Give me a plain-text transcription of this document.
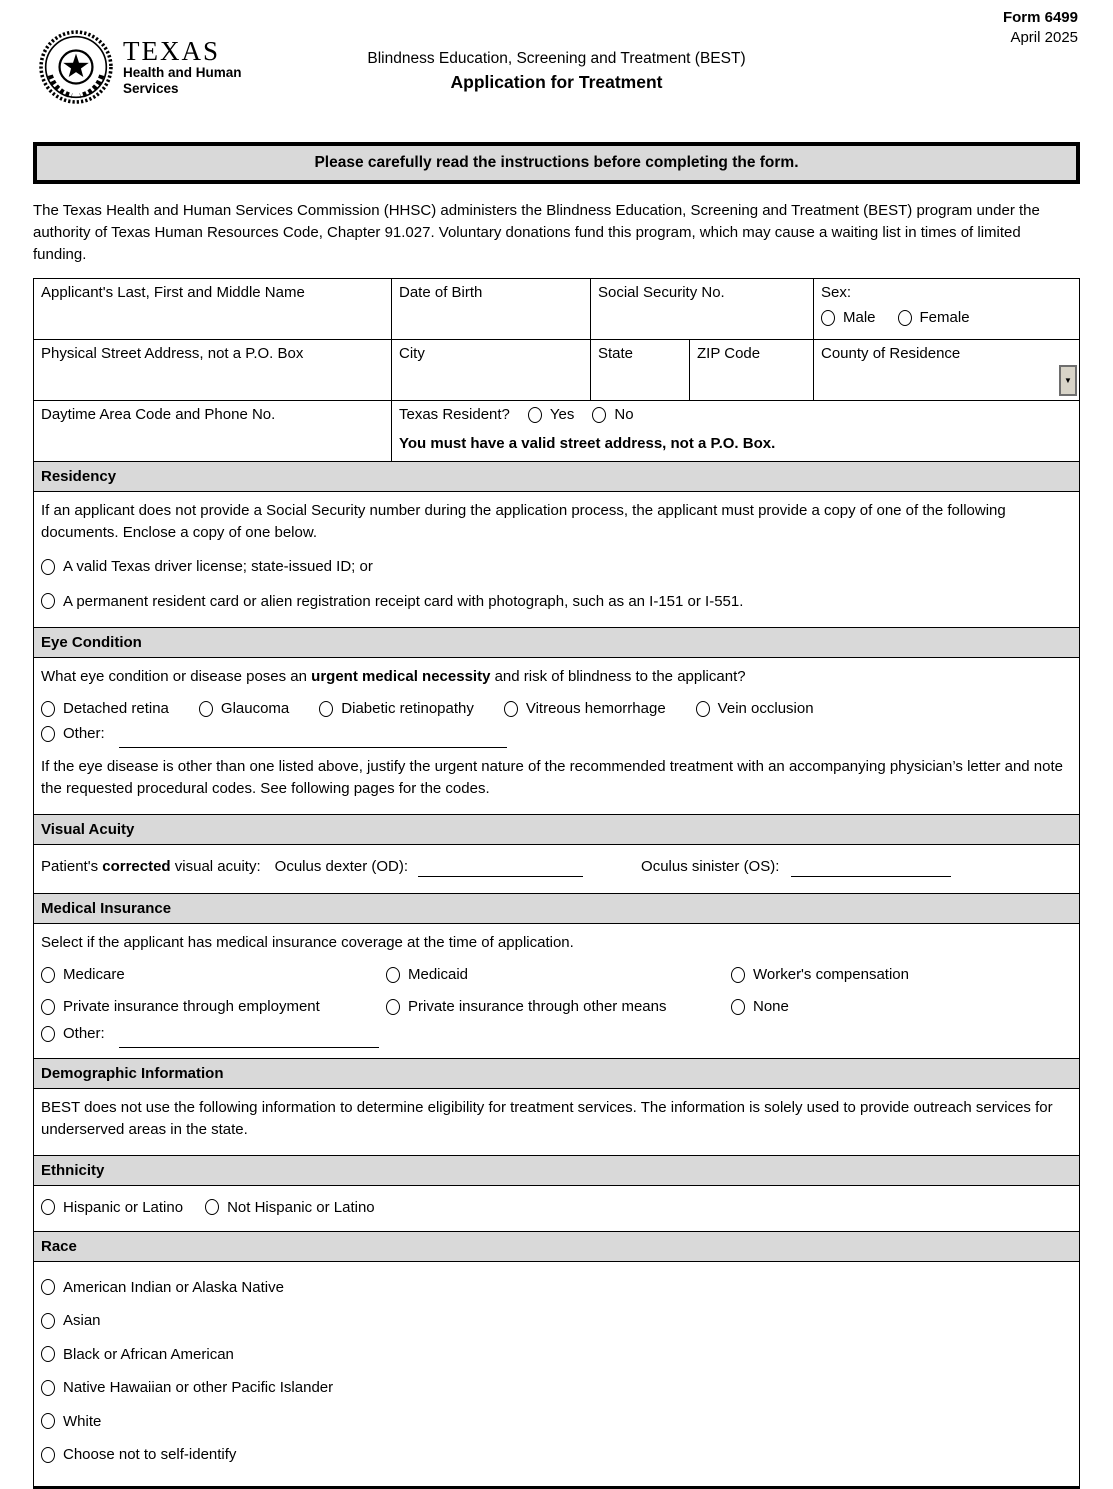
TEXAS
Health and Human
Services
Blindness Education, Screening and Treatment (BEST)
Application for Treatment
Form 6499
April 2025
Please carefully read the instructions before completing the form.

The Texas Health and Human Services Commission (HHSC) administers the Blindness Education, Screening and Treatment (BEST) program under the authority of Texas Human Resources Code, Chapter 91.027. Voluntary donations fund this program, which may cause a waiting list in times of limited funding.

Applicant's Last, First and Middle Name	Date of Birth	Social Security No.	Sex:
Male	Female
Physical Street Address, not a P.O. Box	City	State	ZIP Code	County of Residence
▼
Daytime Area Code and Phone No.	Texas Resident?	Yes	No
You must have a valid street address, not a P.O. Box.
Residency

If an applicant does not provide a Social Security number during the application process, the applicant must provide a copy of one of the following documents. Enclose a copy of one below.

A valid Texas driver license; state-issued ID; or
A permanent resident card or alien registration receipt card with photograph, such as an I-151 or I-551.
Eye Condition

What eye condition or disease poses an urgent medical necessity and risk of blindness to the applicant?

Detached retina	Glaucoma	Diabetic retinopathy	Vitreous hemorrhage	Vein occlusion
Other:

If the eye disease is other than one listed above, justify the urgent nature of the recommended treatment with an accompanying physician’s letter and note the requested procedural codes. See following pages for the codes.

Visual Acuity
Patient's corrected visual acuity: Oculus dexter (OD):	Oculus sinister (OS):
Medical Insurance

Select if the applicant has medical insurance coverage at the time of application.

Medicare	Medicaid	Worker's compensation
Private insurance through employment	Private insurance through other means	None
Other:

Demographic Information

BEST does not use the following information to determine eligibility for treatment services. The information is solely used to provide outreach services for underserved areas in the state.

Ethnicity
Hispanic or Latino	Not Hispanic or Latino
Race
American Indian or Alaska Native
Asian
Black or African American
Native Hawaiian or other Pacific Islander
White
Choose not to self-identify
